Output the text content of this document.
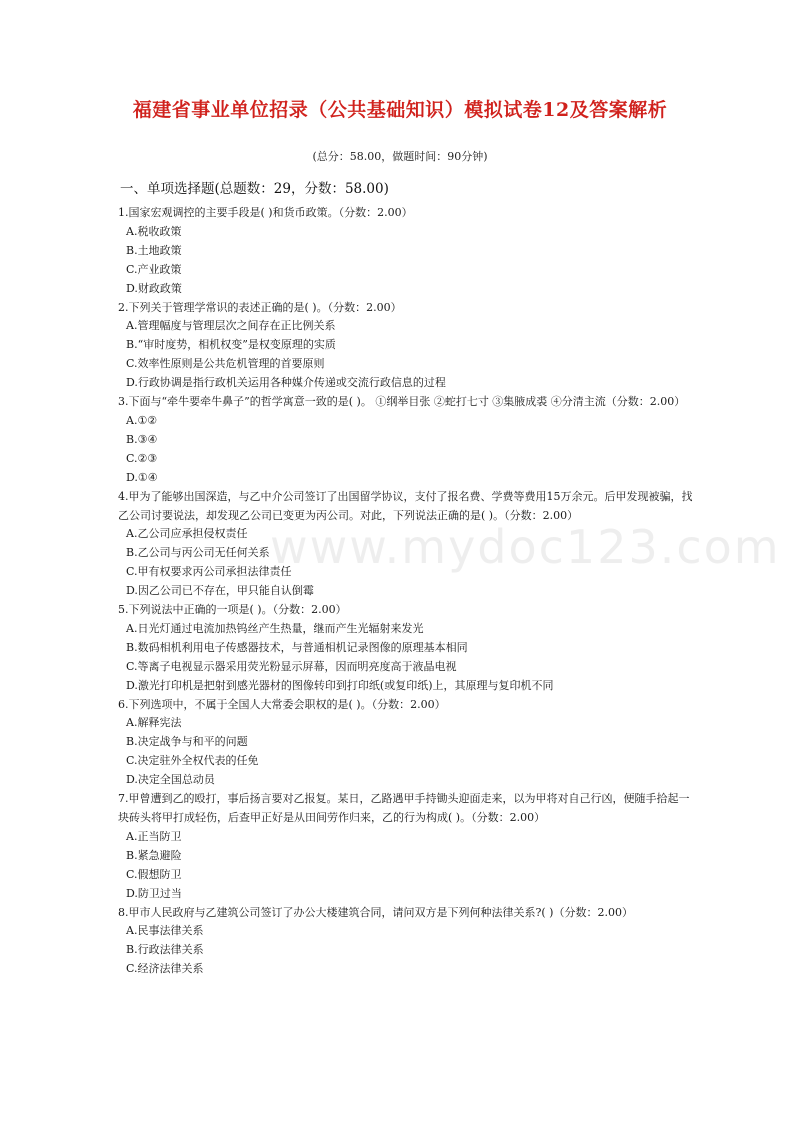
福建省事业单位招录（公共基础知识）模拟试卷12及答案解析
(总分：58.00，做题时间：90分钟)
一、单项选择题(总题数：29，分数：58.00)
www.mydoc123.com
1.国家宏观调控的主要手段是( )和货币政策。（分数：2.00）
A.税收政策
B.土地政策
C.产业政策
D.财政政策
2.下列关于管理学常识的表述正确的是( )。（分数：2.00）
A.管理幅度与管理层次之间存在正比例关系
B.“审时度势，相机权变”是权变原理的实质
C.效率性原则是公共危机管理的首要原则
D.行政协调是指行政机关运用各种媒介传递或交流行政信息的过程
3.下面与“牵牛要牵牛鼻子”的哲学寓意一致的是( )。 ①纲举目张 ②蛇打七寸 ③集腋成裘 ④分清主流（分数：2.00）
A.①②
B.③④
C.②③
D.①④
4.甲为了能够出国深造，与乙中介公司签订了出国留学协议，支付了报名费、学费等费用15万余元。后甲发现被骗，找乙公司讨要说法，却发现乙公司已变更为丙公司。对此，下列说法正确的是( )。（分数：2.00）
A.乙公司应承担侵权责任
B.乙公司与丙公司无任何关系
C.甲有权要求丙公司承担法律责任
D.因乙公司已不存在，甲只能自认倒霉
5.下列说法中正确的一项是( )。（分数：2.00）
A.日光灯通过电流加热钨丝产生热量，继而产生光辐射来发光
B.数码相机利用电子传感器技术，与普通相机记录图像的原理基本相同
C.等离子电视显示器采用荧光粉显示屏幕，因而明亮度高于液晶电视
D.激光打印机是把射到感光器材的图像转印到打印纸(或复印纸)上，其原理与复印机不同
6.下列选项中，不属于全国人大常委会职权的是( )。（分数：2.00）
A.解释宪法
B.决定战争与和平的问题
C.决定驻外全权代表的任免
D.决定全国总动员
7.甲曾遭到乙的殴打，事后扬言要对乙报复。某日，乙路遇甲手持锄头迎面走来，以为甲将对自己行凶，便随手拾起一块砖头将甲打成轻伤，后查甲正好是从田间劳作归来，乙的行为构成( )。（分数：2.00）
A.正当防卫
B.紧急避险
C.假想防卫
D.防卫过当
8.甲市人民政府与乙建筑公司签订了办公大楼建筑合同，请问双方是下列何种法律关系?( )（分数：2.00）
A.民事法律关系
B.行政法律关系
C.经济法律关系
